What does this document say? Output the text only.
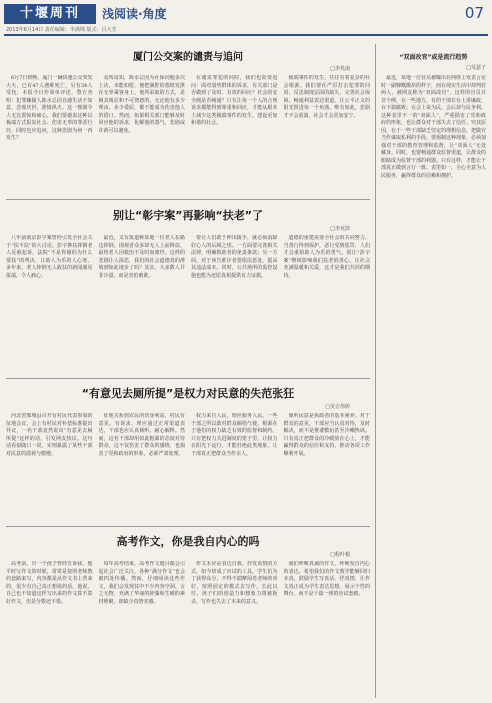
十堰周刊	浅阅读·角度
2013年6月14日 责任编辑：李满锦 版式：吕大芳
07
厦门公交案的谴责与追问
□李兆南

6月7日傍晚，厦门一辆快速公交突发大火，已有47人遇难死亡，另有34人受伤，本报今日作简单评述，警方查明：犯罪嫌疑人陈水总因自感生活不如意，悲观厌世，泄愤纵火。这一惨剧令人无比震惊和痛心，我们要谴责这种以极端方式报复社会、伤害无辜的罪恶行径，同时也应追问，这种悲剧为何一再发生？

众所周知，陈水总因为社保问题多次上访，未能如愿，便把满腔的怨愤发泄在无辜乘客身上。他所采取的方式，是极其残忍和不可饶恕的，无论他有多少理由、多少委屈，都不能成为伤害他人的借口。然而，如果相关部门能够及时回应他的诉求，化解他的怨气，悲剧或许就可以避免。

在谴责罪犯的同时，我们也需要追问：面对弱势群体的诉求，有关部门是否做到了及时、有效的回应？社会的安全阀是否畅通？只有让每一个人的合理诉求都能得到尊重和回应，才能从根本上减少这类极端事件的发生，建设更加和谐的社会。

极端事件的发生，往往有着复杂的社会根源。我们要在严厉打击犯罪的同时，反思制度层面的缺失，完善社会保障，畅通利益表达渠道，让公平正义的阳光照进每一个角落。唯有如此，悲剧才不会重演，社会才会更加安宁。

别让“彰宇案”再影响“扶老”了
□李克滨

八年前南京彭宇案曾经引发全社会关于“扶不扶”的大讨论。彭宇搀扶摔倒老人反被起诉，法院“不是你撞的为什么要扶”的判决，让助人为乐的人心寒。多年来，老人摔倒无人敢扶的新闻屡见报端，令人痛心。

最近，又有报道称某地一位老人在路边摔倒，围观者众多却无人上前搀扶，最终老人因救治不及时而离世。这样的悲剧让人深思，我们的社会道德真的滑坡到如此地步了吗？其实，大多数人并非冷漠，而是害怕被讹。

要让人们敢于伸出援手，就必须消除好心人的后顾之忧。一方面要完善相关法律，明确救助者的免责条款；另一方面，对于诬告讹诈者要依法惩处，提高其违法成本。同时，公共场所的监控设施也能为还原真相提供有力证据。

道德的重建需要全社会的共同努力。当善行得到保护，恶行受到惩罚，人们才会重拾助人为乐的勇气。别让“彭宇案”继续影响我们扶老的善心，让社会充满温暖和关爱，这才是我们共同的期待。

“有意见去厕所提”是权力对民意的失范张狂
□吴吉伟婷

河北省邢城县召开有村民代表参加的征地会议，会上有村民对补偿标准提出异议，一名干部竟然说出“有意见去厕所提”这样的话，引发网友热议。这句话看似随口一说，实则暴露了某些干部对民意的漠视与傲慢。

征地关系到农民的切身利益，村民有意见、有诉求，理应通过正常渠道表达，干部也应认真倾听、耐心解释。然而，这名干部却用如此粗暴的态度对待群众，这不仅伤害了群众的感情，也损害了党和政府的形象，必须严肃处理。

权力来自人民，理应服务人民。一些干部之所以敢对群众颐指气使，根源在于他们的权力缺乏有效的监督和制约。只有把权力关进制度的笼子里，让权力在阳光下运行，才能杜绝此类现象，让干部真正把群众当作亲人。

倾听民意是执政者的基本素养。对于群众的意见，干部应当认真对待，及时解决，而不是推诿敷衍甚至冷嘲热讽。只有真正把群众的冷暖放在心上，才能赢得群众的信任和支持，推动各项工作顺利开展。

高考作文，你是我自内心的吗
□程叶根

高考前，有一个孩子曾经告诉我，他平时写作文的时候，常常是按照老师教的套路来写，内容都是从作文书上背来的，很少有自己真正想说的话。他说，自己也不知道这样写出来的作文算不算好作文，但是分数还不错。

每年高考结束，高考作文题目都会引起社会广泛关注，各种“满分作文”也会被四处传播。然而，仔细阅读这些作文，我们会发现其中不少内容空洞、言之无物，充满了华丽的辞藻和生硬的素材堆砌，却缺少真情实感。

作文本应是表达自我、抒发真情的方式，如今却成了应试的工具。学生们为了获得高分，不得不揣摩阅卷老师的喜好，按照固定的模式去写作。长此以往，孩子们的创造力和想象力将被扼杀，写作也失去了本来的意义。

我们呼唤真诚的作文，呼唤发自内心的表达。希望我们的作文教学能够回归本真，鼓励学生写真话、抒真情，让作文真正成为学生表达思想、展示个性的舞台，而不是千篇一律的应试套路。

“双面改官”或是流行趋势
□吴瑟子

最近，某地一位官员被曝出在网络上发表言论时一副慷慨激昂的样子，而在现实生活中却判若两人，被网友称为“双面改官”。这样的官员并非个例，在一些地方，有的干部在台上讲廉政，台下搞腐败；在会上说为民，会后却与民争利。这种表里不一的“双面人”，严重损害了党和政府的形象，也让群众对干部失去了信任。究其原因，在于一些干部缺乏坚定的理想信念，把做官当作谋取私利的手段。要遏制这种现象，必须加强对干部的教育管理和监督，让“双面人”无处藏身。同时，也要畅通群众监督渠道，让群众的眼睛成为监督干部的利器。只有这样，才能让干部真正做到言行一致、表里如一，全心全意为人民服务，赢得群众的信赖和拥护。
